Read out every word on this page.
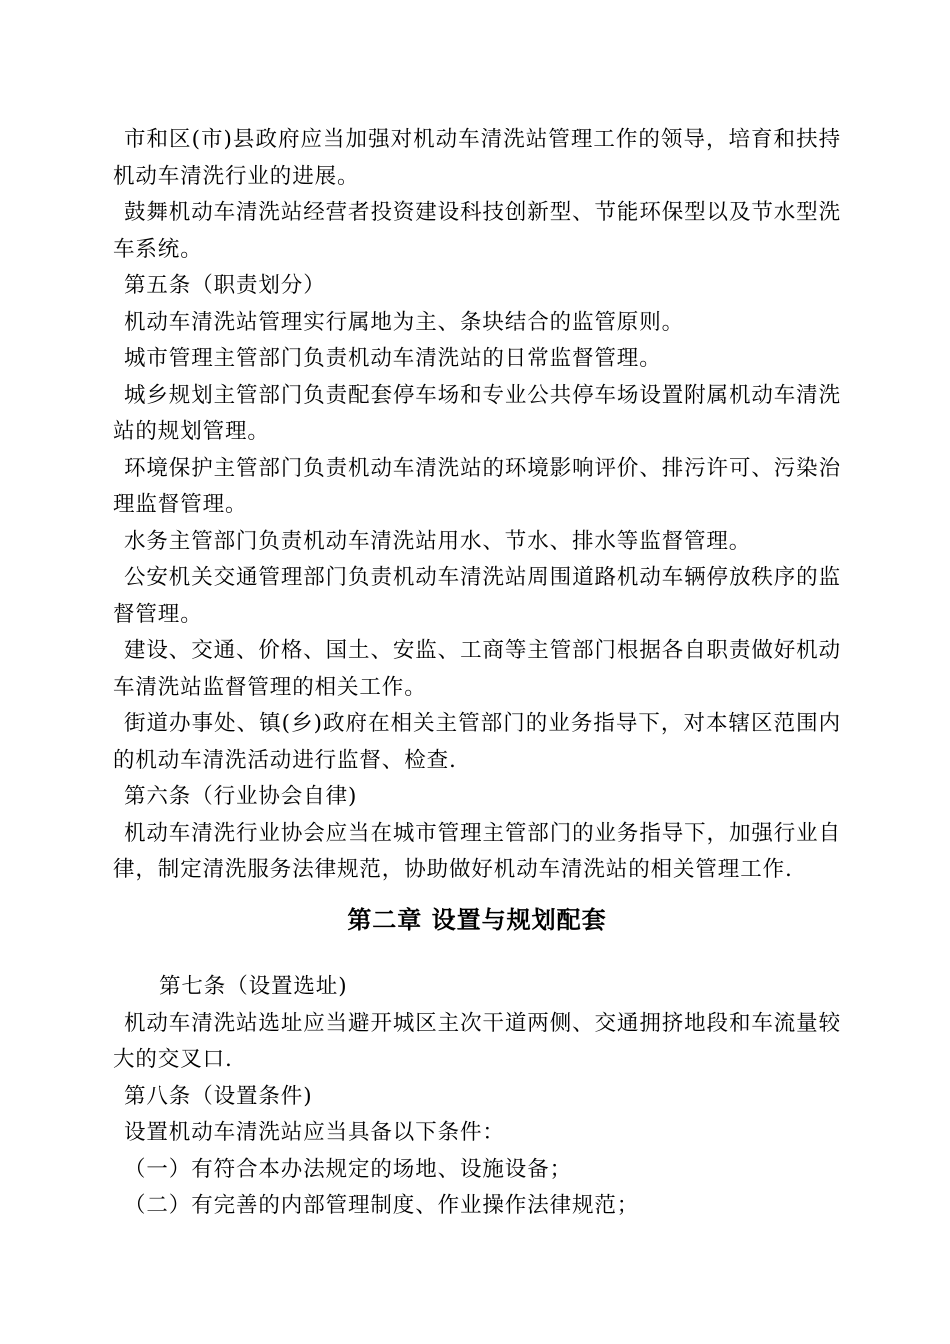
市和区(市)县政府应当加强对机动车清洗站管理工作的领导，培育和扶持机动车清洗行业的进展。

鼓舞机动车清洗站经营者投资建设科技创新型、节能环保型以及节水型洗车系统。

第五条（职责划分）

机动车清洗站管理实行属地为主、条块结合的监管原则。

城市管理主管部门负责机动车清洗站的日常监督管理。

城乡规划主管部门负责配套停车场和专业公共停车场设置附属机动车清洗站的规划管理。

环境保护主管部门负责机动车清洗站的环境影响评价、排污许可、污染治理监督管理。

水务主管部门负责机动车清洗站用水、节水、排水等监督管理。

公安机关交通管理部门负责机动车清洗站周围道路机动车辆停放秩序的监督管理。

建设、交通、价格、国土、安监、工商等主管部门根据各自职责做好机动车清洗站监督管理的相关工作。

街道办事处、镇(乡)政府在相关主管部门的业务指导下，对本辖区范围内的机动车清洗活动进行监督、检查.

第六条（行业协会自律)

机动车清洗行业协会应当在城市管理主管部门的业务指导下，加强行业自律，制定清洗服务法律规范，协助做好机动车清洗站的相关管理工作.

第二章 设置与规划配套

第七条（设置选址)

机动车清洗站选址应当避开城区主次干道两侧、交通拥挤地段和车流量较大的交叉口.

第八条（设置条件)

设置机动车清洗站应当具备以下条件：

（一）有符合本办法规定的场地、设施设备；

（二）有完善的内部管理制度、作业操作法律规范；
